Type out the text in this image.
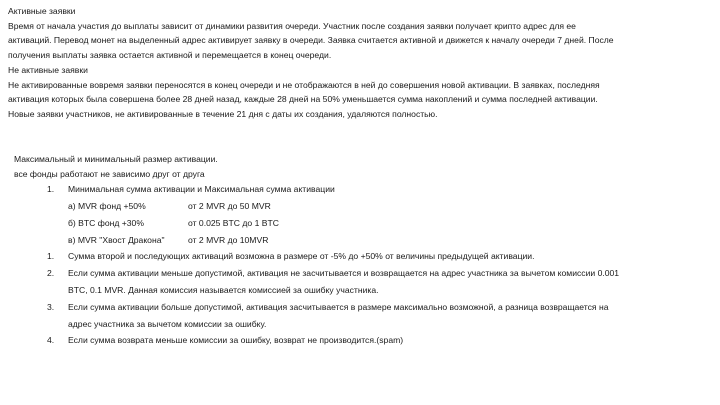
Активные заявки

Время от начала участия до выплаты зависит от динамики развития очереди. Участник после создания заявки получает крипто адрес для ее

активаций. Перевод монет на выделенный адрес активирует заявку в очереди. Заявка считается активной и движется к началу очереди 7 дней. После

получения выплаты заявка остается активной и перемещается в конец очереди.

Не активные заявки

Не активированные вовремя заявки переносятся в конец очереди и не отображаются в ней до совершения новой активации. В заявках, последняя

активация которых была совершена более 28 дней назад, каждые 28 дней на 50% уменьшается сумма накоплений и сумма последней активации.

Новые заявки участников, не активированные в течение 21 дня с даты их создания, удаляются полностью.

Максимальный и минимальный размер активации.

все фонды работают не зависимо друг от друга

1.	Минимальная сумма активации и Максимальная сумма активации
а) MVR фонд +50%	от 2 MVR до 50 MVR
б) BTC фонд +30%	от 0.025 BTC до 1 BTC
в) MVR "Хвост Дракона"	от 2 MVR до 10MVR
1.	Сумма второй и последующих активаций возможна в размере от -5% до +50% от величины предыдущей активации.
2.	Если сумма активации меньше допустимой, активация не засчитывается и возвращается на адрес участника за вычетом комиссии 0.001
BTC, 0.1 MVR. Данная комиссия называется комиссией за ошибку участника.
3.	Если сумма активации больше допустимой, активация засчитывается в размере максимально возможной, а разница возвращается на
адрес участника за вычетом комиссии за ошибку.
4.	Если сумма возврата меньше комиссии за ошибку, возврат не производится.(spam)
